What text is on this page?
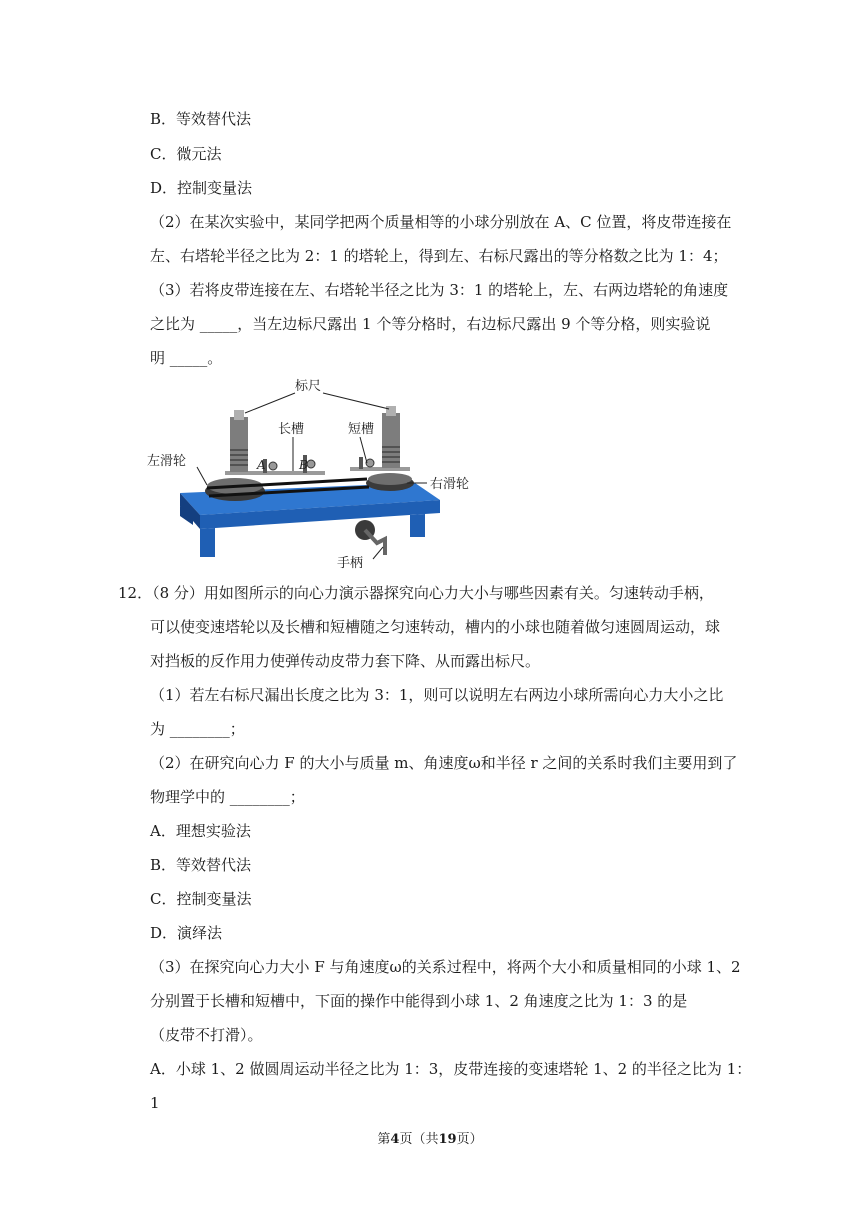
B．等效替代法
C．微元法
D．控制变量法
（2）在某次实验中，某同学把两个质量相等的小球分别放在 A、C 位置，将皮带连接在
左、右塔轮半径之比为 2：1 的塔轮上，得到左、右标尺露出的等分格数之比为 1：4；
（3）若将皮带连接在左、右塔轮半径之比为 3：1 的塔轮上，左、右两边塔轮的角速度
之比为 _____，当左边标尺露出 1 个等分格时，右边标尺露出 9 个等分格，则实验说
明 _____。
标尺
长槽	短槽
左滑轮
右滑轮
手柄
A	B
12．（8 分）用如图所示的向心力演示器探究向心力大小与哪些因素有关。匀速转动手柄，
可以使变速塔轮以及长槽和短槽随之匀速转动，槽内的小球也随着做匀速圆周运动，球
对挡板的反作用力使弹传动皮带力套下降、从而露出标尺。
（1）若左右标尺漏出长度之比为 3：1，则可以说明左右两边小球所需向心力大小之比
为 ________；
（2）在研究向心力 F 的大小与质量 m、角速度ω和半径 r 之间的关系时我们主要用到了
物理学中的 ________；
A．理想实验法
B．等效替代法
C．控制变量法
D．演绎法
（3）在探究向心力大小 F 与角速度ω的关系过程中，将两个大小和质量相同的小球 1、2
分别置于长槽和短槽中，下面的操作中能得到小球 1、2 角速度之比为 1：3 的是
（皮带不打滑）。
A．小球 1、2 做圆周运动半径之比为 1：3，皮带连接的变速塔轮 1、2 的半径之比为 1：
1
第4页（共19页）
